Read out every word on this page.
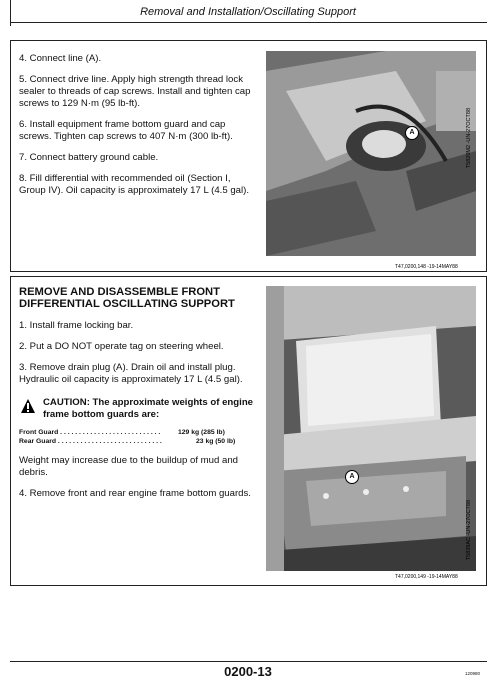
Removal and Installation/Oscillating Support

4. Connect line (A).

5. Connect drive line. Apply high strength thread lock sealer to threads of cap screws. Install and tighten cap screws to 129 N·m (95 lb-ft).

6. Install equipment frame bottom guard and cap screws. Tighten cap screws to 407 N·m (300 lb-ft).

7. Connect battery ground cable.

8. Fill differential with recommended oil (Section I, Group IV). Oil capacity is approximately 17 L (4.5 gal).

A	T5820M2 -UN-27OCT88
T47,0200,148 -19-14MAY88
REMOVE AND DISASSEMBLE FRONT DIFFERENTIAL OSCILLATING SUPPORT

1. Install frame locking bar.

2. Put a DO NOT operate tag on steering wheel.

3. Remove drain plug (A). Drain oil and install plug. Hydraulic oil capacity is approximately 17 L (4.5 gal).

CAUTION: The approximate weights of engine frame bottom guards are:
Front Guard . . . . . . . . . . . . . . . . . . . . . . . . . . .	129 kg (285 lb)
Rear Guard . . . . . . . . . . . . . . . . . . . . . . . . . . . .	23 kg (50 lb)
Weight may increase due to the buildup of mud and debris.
4. Remove front and rear engine frame bottom guards.
A
T5839AC -UN-27OCT88
T47,0200,149 -19-14MAY88
0200-13	120980
